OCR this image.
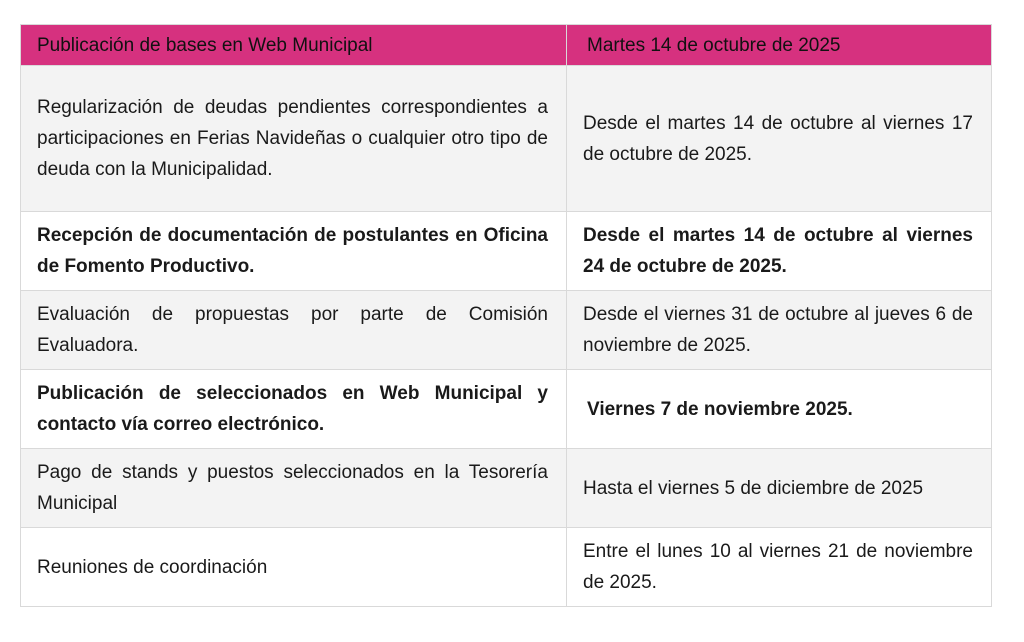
Publicación de bases en Web Municipal	Martes 14 de octubre de 2025
Regularización de deudas pendientes correspondientes a participaciones en Ferias Navideñas o cualquier otro tipo de deuda con la Municipalidad.	Desde el martes 14 de octubre al viernes 17 de octubre de 2025.
Recepción de documentación de postulantes en Oficina de Fomento Productivo.	Desde el martes 14 de octubre al viernes 24 de octubre de 2025.
Evaluación de propuestas por parte de Comisión Evaluadora.	Desde el viernes 31 de octubre al jueves 6 de noviembre de 2025.
Publicación de seleccionados en Web Municipal y contacto vía correo electrónico.	Viernes 7 de noviembre 2025.
Pago de stands y puestos seleccionados en la Tesorería Municipal	Hasta el viernes 5 de diciembre de 2025
Reuniones de coordinación	Entre el lunes 10 al viernes 21 de noviembre de 2025.
